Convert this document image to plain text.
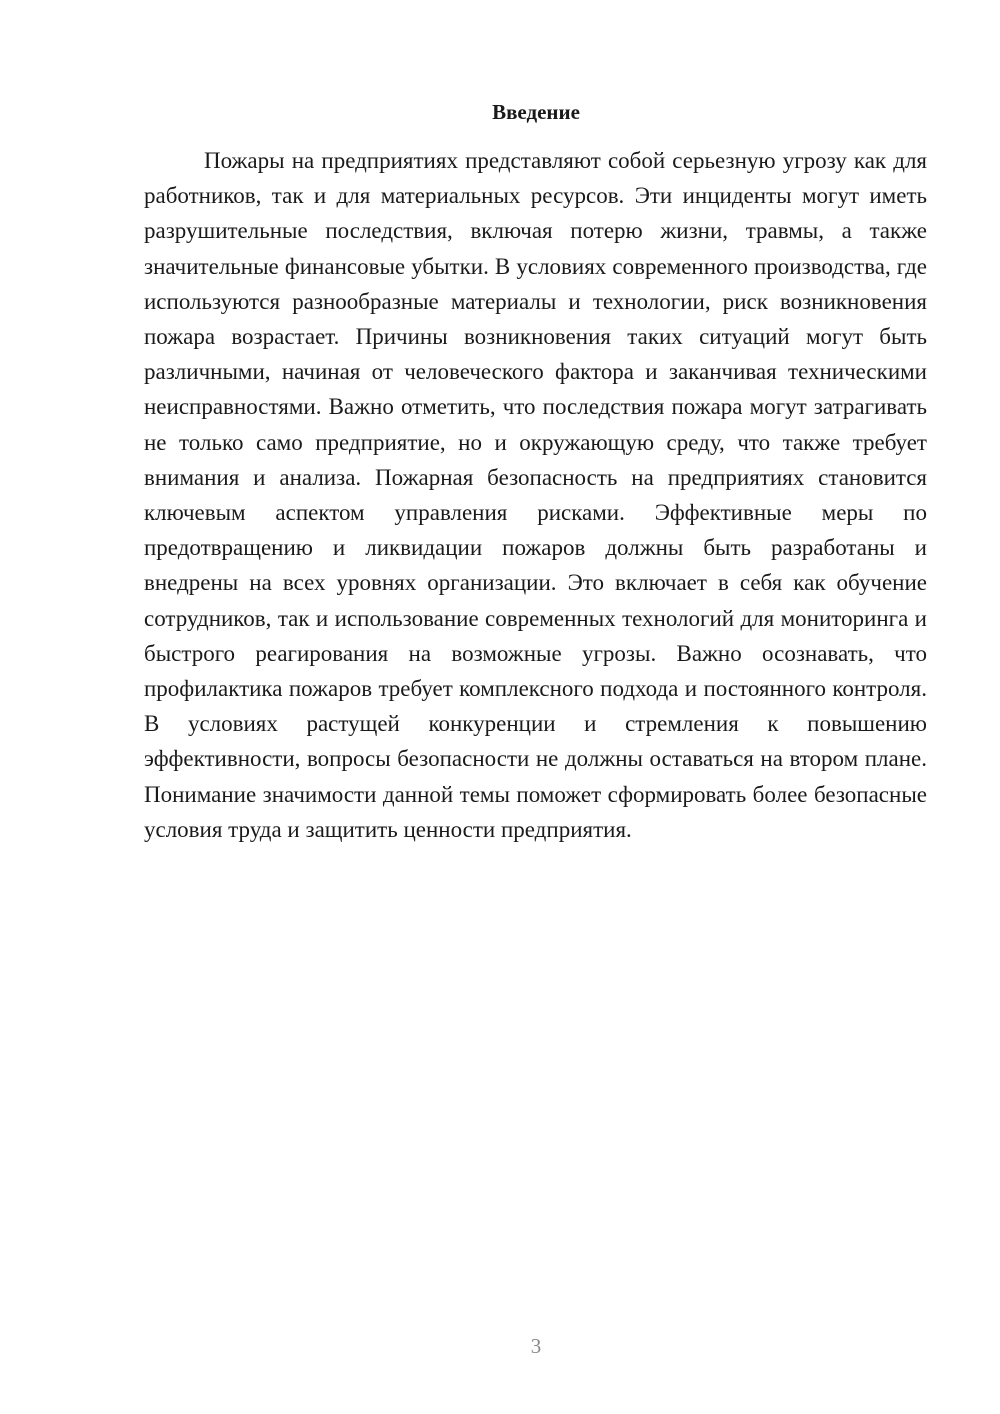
Введение

Пожары на предприятиях представляют собой серьезную угрозу как для работников, так и для материальных ресурсов. Эти инциденты могут иметь разрушительные последствия, включая потерю жизни, травмы, а также значительные финансовые убытки. В условиях современного производства, где используются разнообразные материалы и технологии, риск возникновения пожара возрастает. Причины возникновения таких ситуаций могут быть различными, начиная от человеческого фактора и заканчивая техническими неисправностями. Важно отметить, что последствия пожара могут затрагивать не только само предприятие, но и окружающую среду, что также требует внимания и анализа. Пожарная безопасность на предприятиях становится ключевым аспектом управления рисками. Эффективные меры по предотвращению и ликвидации пожаров должны быть разработаны и внедрены на всех уровнях организации. Это включает в себя как обучение сотрудников, так и использование современных технологий для мониторинга и быстрого реагирования на возможные угрозы. Важно осознавать, что профилактика пожаров требует комплексного подхода и постоянного контроля. В условиях растущей конкуренции и стремления к повышению эффективности, вопросы безопасности не должны оставаться на втором плане. Понимание значимости данной темы поможет сформировать более безопасные условия труда и защитить ценности предприятия.

3
